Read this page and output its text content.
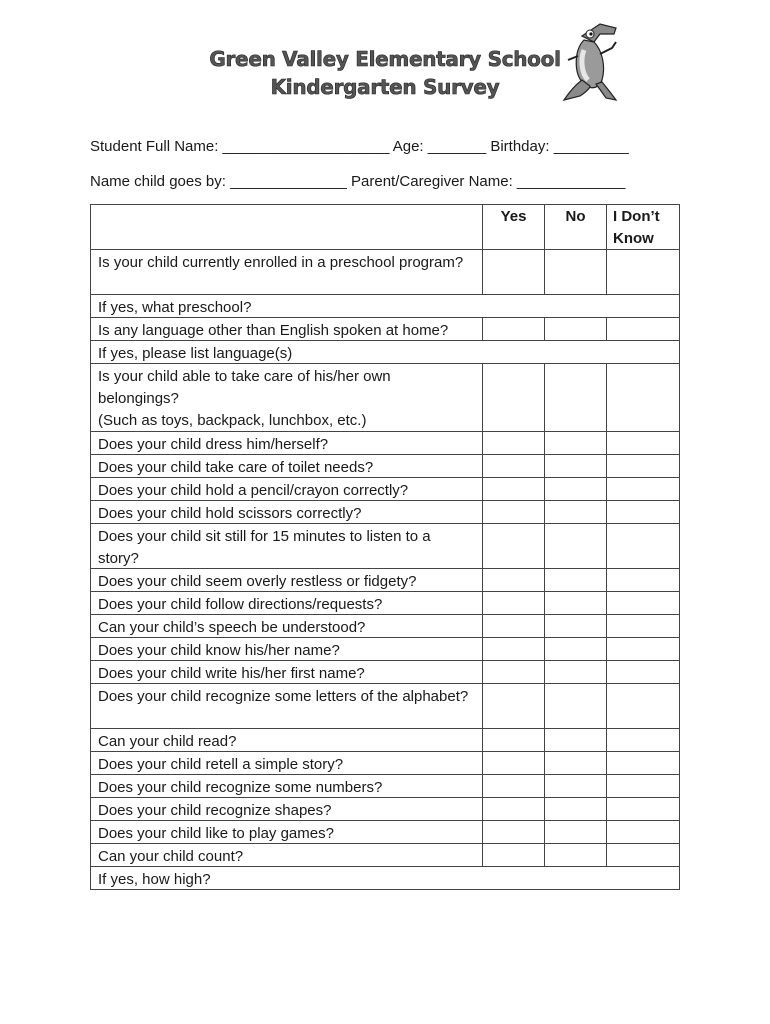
Green Valley Elementary School
Kindergarten Survey
Student Full Name: ____________________ Age: _______ Birthday: _________
Name child goes by: ______________ Parent/Caregiver Name: _____________
Yes	No	I Don’t Know
Is your child currently enrolled in a preschool program?
If yes, what preschool?
Is any language other than English spoken at home?
If yes, please list language(s)
Is your child able to take care of his/her own belongings?
(Such as toys, backpack, lunchbox, etc.)
Does your child dress him/herself?
Does your child take care of toilet needs?
Does your child hold a pencil/crayon correctly?
Does your child hold scissors correctly?
Does your child sit still for 15 minutes to listen to a story?
Does your child seem overly restless or fidgety?
Does your child follow directions/requests?
Can your child’s speech be understood?
Does your child know his/her name?
Does your child write his/her first name?
Does your child recognize some letters of the alphabet?
Can your child read?
Does your child retell a simple story?
Does your child recognize some numbers?
Does your child recognize shapes?
Does your child like to play games?
Can your child count?
If yes, how high?
